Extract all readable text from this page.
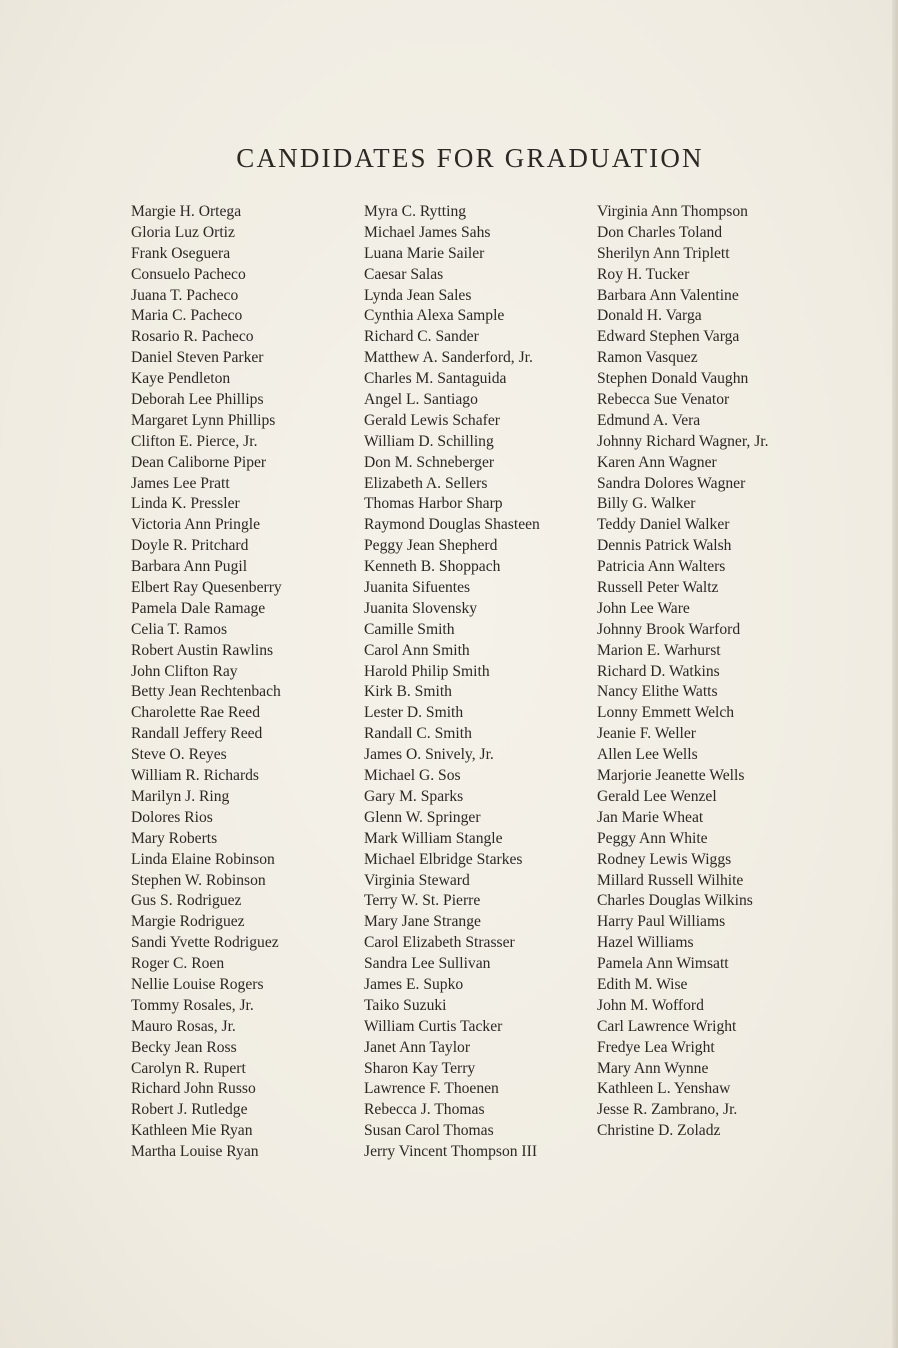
CANDIDATES FOR GRADUATION
Margie H. Ortega
Gloria Luz Ortiz
Frank Oseguera
Consuelo Pacheco
Juana T. Pacheco
Maria C. Pacheco
Rosario R. Pacheco
Daniel Steven Parker
Kaye Pendleton
Deborah Lee Phillips
Margaret Lynn Phillips
Clifton E. Pierce, Jr.
Dean Caliborne Piper
James Lee Pratt
Linda K. Pressler
Victoria Ann Pringle
Doyle R. Pritchard
Barbara Ann Pugil
Elbert Ray Quesenberry
Pamela Dale Ramage
Celia T. Ramos
Robert Austin Rawlins
John Clifton Ray
Betty Jean Rechtenbach
Charolette Rae Reed
Randall Jeffery Reed
Steve O. Reyes
William R. Richards
Marilyn J. Ring
Dolores Rios
Mary Roberts
Linda Elaine Robinson
Stephen W. Robinson
Gus S. Rodriguez
Margie Rodriguez
Sandi Yvette Rodriguez
Roger C. Roen
Nellie Louise Rogers
Tommy Rosales, Jr.
Mauro Rosas, Jr.
Becky Jean Ross
Carolyn R. Rupert
Richard John Russo
Robert J. Rutledge
Kathleen Mie Ryan
Martha Louise Ryan
Myra C. Rytting
Michael James Sahs
Luana Marie Sailer
Caesar Salas
Lynda Jean Sales
Cynthia Alexa Sample
Richard C. Sander
Matthew A. Sanderford, Jr.
Charles M. Santaguida
Angel L. Santiago
Gerald Lewis Schafer
William D. Schilling
Don M. Schneberger
Elizabeth A. Sellers
Thomas Harbor Sharp
Raymond Douglas Shasteen
Peggy Jean Shepherd
Kenneth B. Shoppach
Juanita Sifuentes
Juanita Slovensky
Camille Smith
Carol Ann Smith
Harold Philip Smith
Kirk B. Smith
Lester D. Smith
Randall C. Smith
James O. Snively, Jr.
Michael G. Sos
Gary M. Sparks
Glenn W. Springer
Mark William Stangle
Michael Elbridge Starkes
Virginia Steward
Terry W. St. Pierre
Mary Jane Strange
Carol Elizabeth Strasser
Sandra Lee Sullivan
James E. Supko
Taiko Suzuki
William Curtis Tacker
Janet Ann Taylor
Sharon Kay Terry
Lawrence F. Thoenen
Rebecca J. Thomas
Susan Carol Thomas
Jerry Vincent Thompson III
Virginia Ann Thompson
Don Charles Toland
Sherilyn Ann Triplett
Roy H. Tucker
Barbara Ann Valentine
Donald H. Varga
Edward Stephen Varga
Ramon Vasquez
Stephen Donald Vaughn
Rebecca Sue Venator
Edmund A. Vera
Johnny Richard Wagner, Jr.
Karen Ann Wagner
Sandra Dolores Wagner
Billy G. Walker
Teddy Daniel Walker
Dennis Patrick Walsh
Patricia Ann Walters
Russell Peter Waltz
John Lee Ware
Johnny Brook Warford
Marion E. Warhurst
Richard D. Watkins
Nancy Elithe Watts
Lonny Emmett Welch
Jeanie F. Weller
Allen Lee Wells
Marjorie Jeanette Wells
Gerald Lee Wenzel
Jan Marie Wheat
Peggy Ann White
Rodney Lewis Wiggs
Millard Russell Wilhite
Charles Douglas Wilkins
Harry Paul Williams
Hazel Williams
Pamela Ann Wimsatt
Edith M. Wise
John M. Wofford
Carl Lawrence Wright
Fredye Lea Wright
Mary Ann Wynne
Kathleen L. Yenshaw
Jesse R. Zambrano, Jr.
Christine D. Zoladz
